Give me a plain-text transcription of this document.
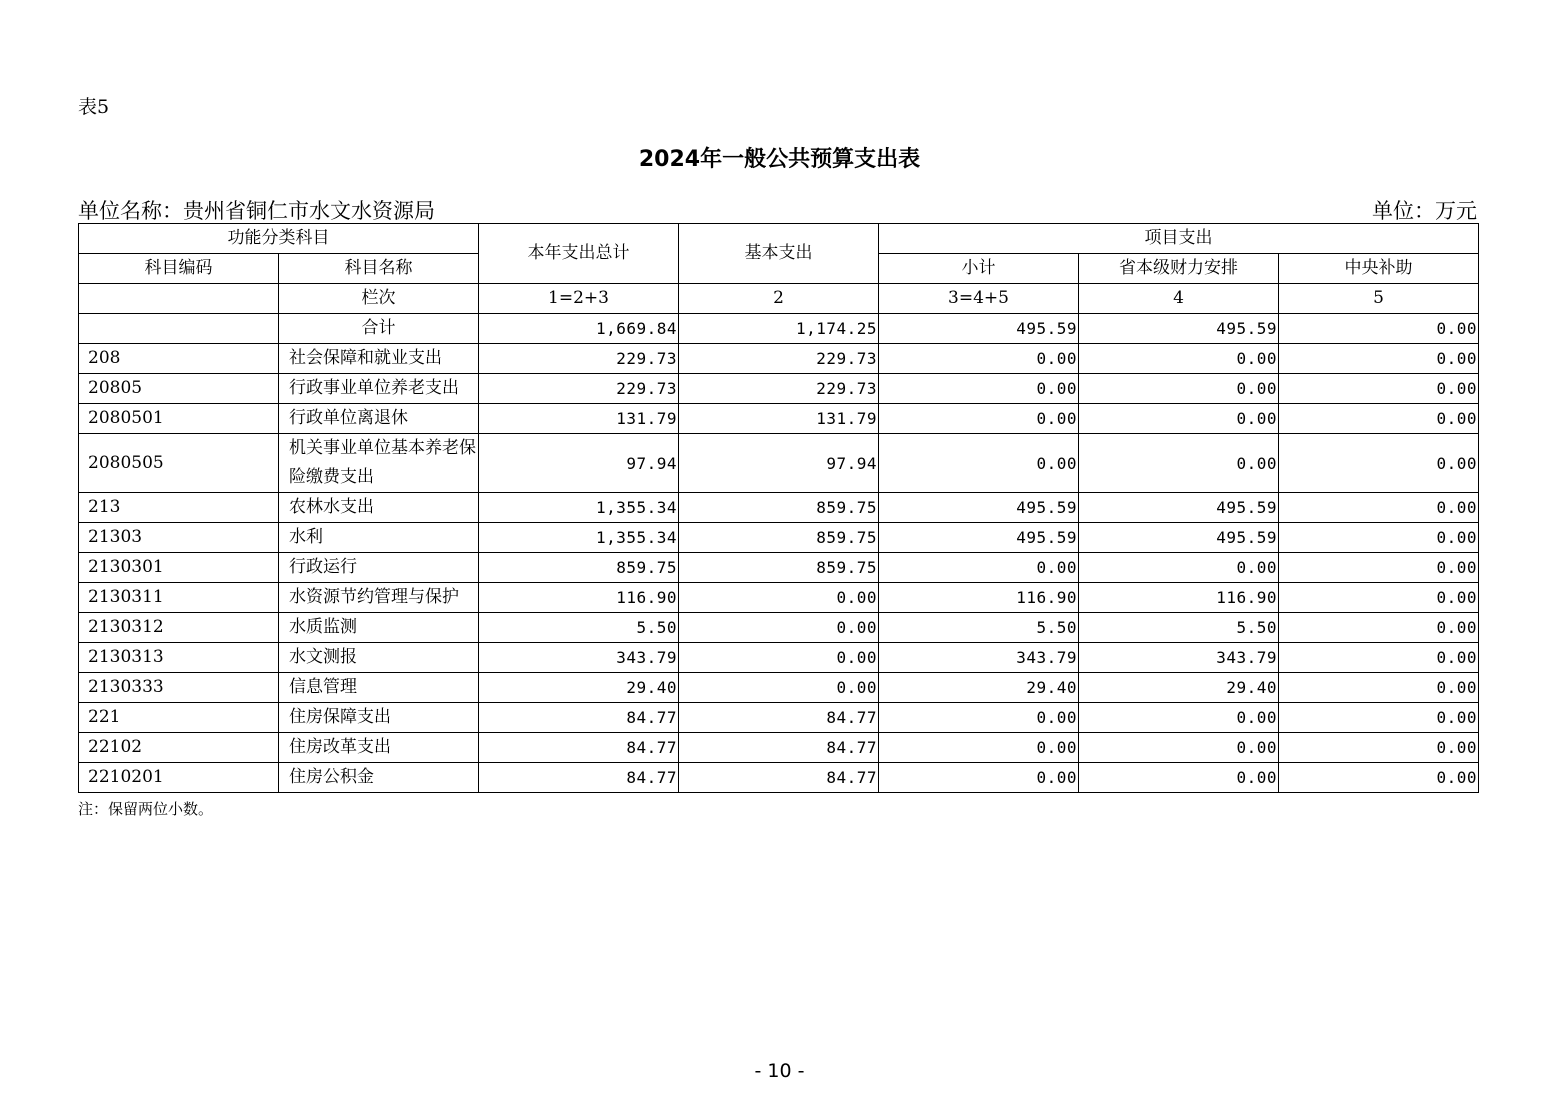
表5
2024年一般公共预算支出表
单位名称：贵州省铜仁市水文水资源局	单位：万元
功能分类科目		本年支出总计	基本支出	项目支出		
科目编码	科目名称			小计	省本级财力安排	中央补助
	栏次	1=2+3	2	3=4+5	4	5
	合计	1,669.84	1,174.25	495.59	495.59	0.00
208	社会保障和就业支出	229.73	229.73	0.00	0.00	0.00
20805	行政事业单位养老支出	229.73	229.73	0.00	0.00	0.00
2080501	行政单位离退休	131.79	131.79	0.00	0.00	0.00
2080505	机关事业单位基本养老保险缴费支出	97.94	97.94	0.00	0.00	0.00
213	农林水支出	1,355.34	859.75	495.59	495.59	0.00
21303	水利	1,355.34	859.75	495.59	495.59	0.00
2130301	行政运行	859.75	859.75	0.00	0.00	0.00
2130311	水资源节约管理与保护	116.90	0.00	116.90	116.90	0.00
2130312	水质监测	5.50	0.00	5.50	5.50	0.00
2130313	水文测报	343.79	0.00	343.79	343.79	0.00
2130333	信息管理	29.40	0.00	29.40	29.40	0.00
221	住房保障支出	84.77	84.77	0.00	0.00	0.00
22102	住房改革支出	84.77	84.77	0.00	0.00	0.00
2210201	住房公积金	84.77	84.77	0.00	0.00	0.00
注：保留两位小数。
- 10 -
